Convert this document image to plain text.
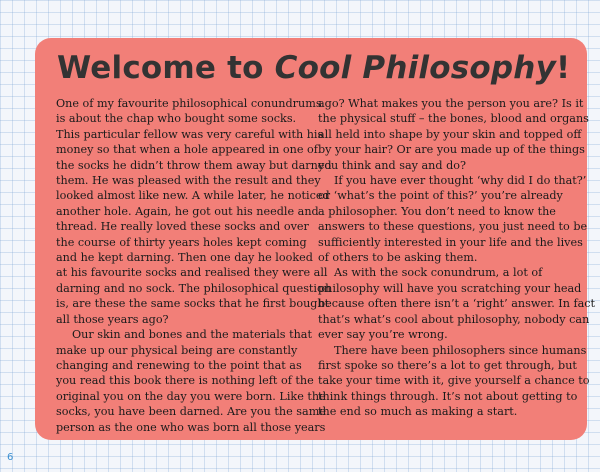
Welcome to Cool Philosophy!

One of my favourite philosophical conundrums

is about the chap who bought some socks.

This particular fellow was very careful with his

money so that when a hole appeared in one of

the socks he didn’t throw them away but darned

them. He was pleased with the result and they

looked almost like new. A while later, he noticed

another hole. Again, he got out his needle and

thread. He really loved these socks and over

the course of thirty years holes kept coming

and he kept darning. Then one day he looked

at his favourite socks and realised they were all

darning and no sock. The philosophical question

is, are these the same socks that he first bought

all those years ago?

Our skin and bones and the materials that

make up our physical being are constantly

changing and renewing to the point that as

you read this book there is nothing left of the

original you on the day you were born. Like the

socks, you have been darned. Are you the same

person as the one who was born all those years

ago? What makes you the person you are? Is it

the physical stuff – the bones, blood and organs

all held into shape by your skin and topped off

by your hair? Or are you made up of the things

you think and say and do?

If you have ever thought ‘why did I do that?’

or ‘what’s the point of this?’ you’re already

a philosopher. You don’t need to know the

answers to these questions, you just need to be

sufficiently interested in your life and the lives

of others to be asking them.

As with the sock conundrum, a lot of

philosophy will have you scratching your head

because often there isn’t a ‘right’ answer. In fact

that’s what’s cool about philosophy, nobody can

ever say you’re wrong.

There have been philosophers since humans

first spoke so there’s a lot to get through, but

take your time with it, give yourself a chance to

think things through. It’s not about getting to

the end so much as making a start.

6
